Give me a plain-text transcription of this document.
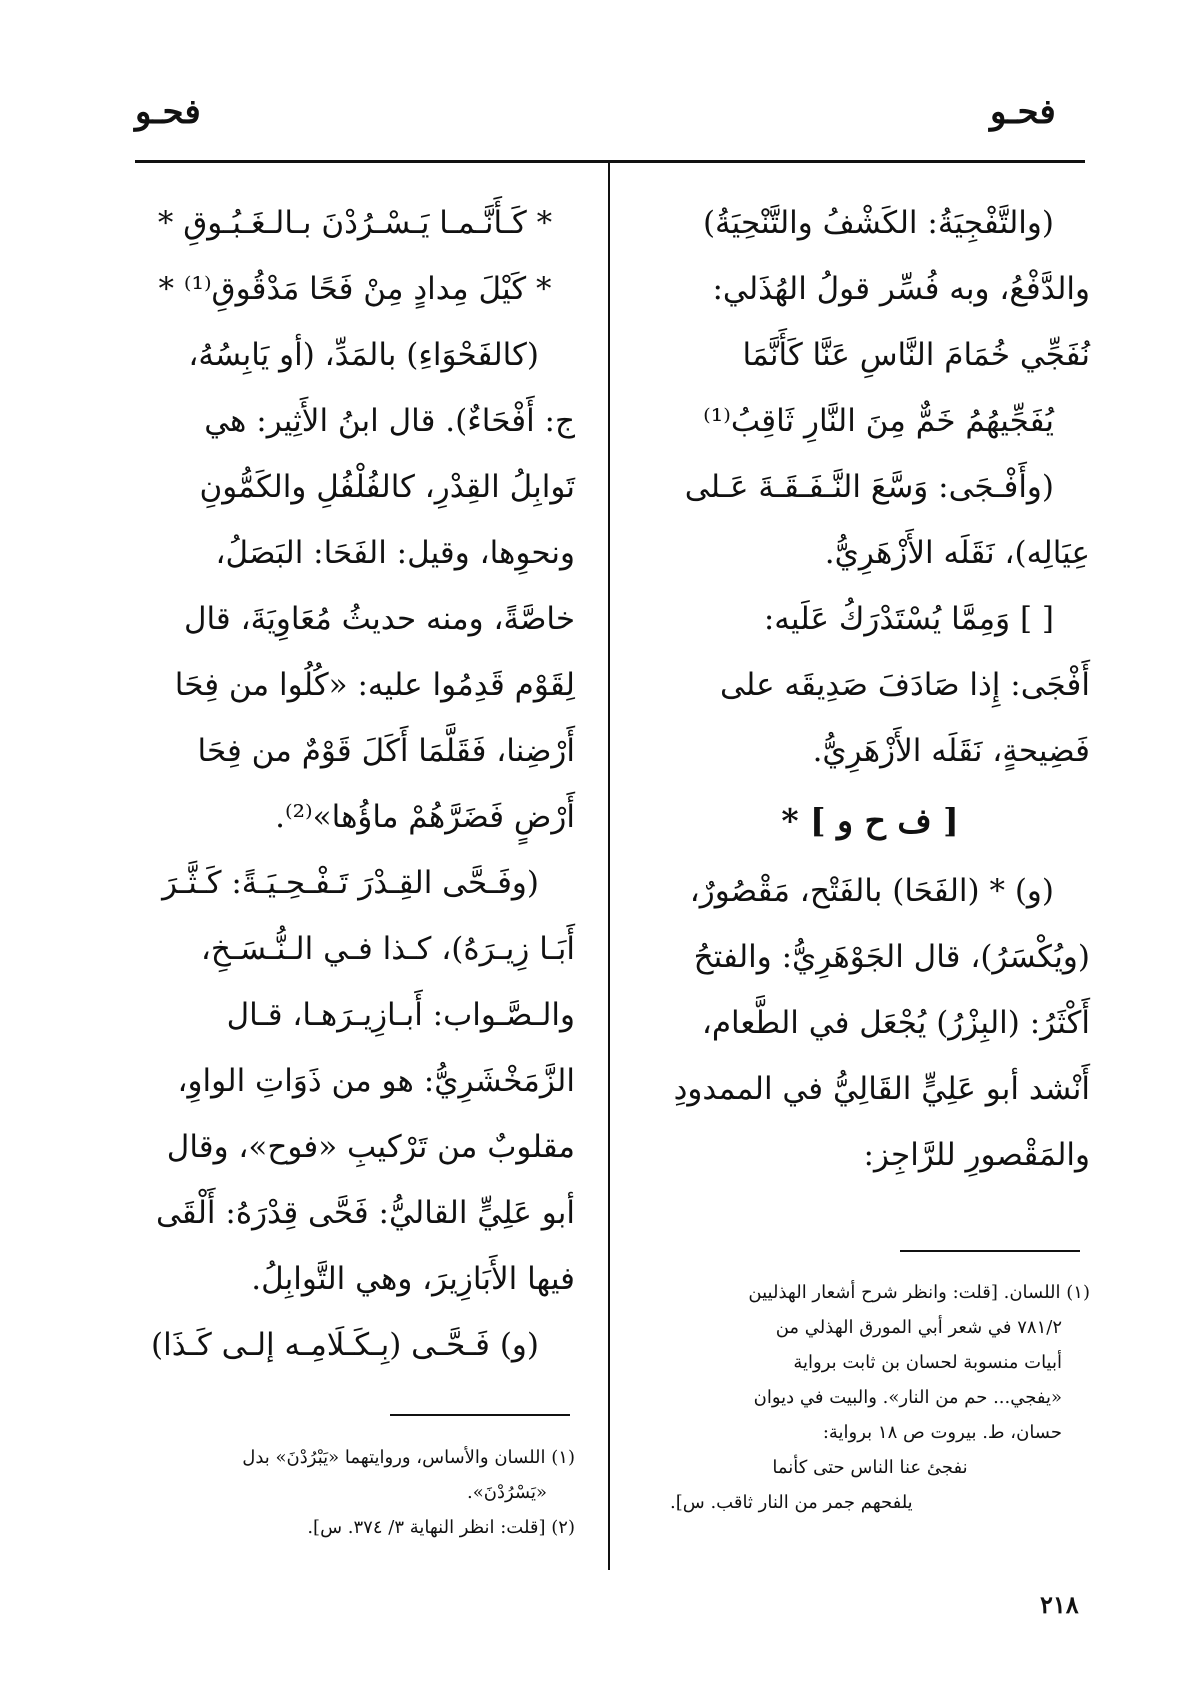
فحـو
فحـو
(والتَّفْجِيَةُ: الكَشْفُ والتَّنْحِيَةُ)
والدَّفْعُ، وبه فُسِّر قولُ الهُذَلي:
نُفَجِّي خُمَامَ النَّاسِ عَنَّا كَأَنَّمَا
يُفَجِّيهُمُ خَمٌّ مِنَ النَّارِ ثَاقِبُ⁽¹⁾
(وأَفْـجَى: وَسَّعَ النَّـفَـقَـةَ عَـلى
عِيَالِه)، نَقَلَه الأَزْهَرِيُّ.
[ ] وَمِمَّا يُسْتَدْرَكُ عَلَيه:
أَفْجَى: إِذا صَادَفَ صَدِيقَه على
فَضِيحةٍ، نَقَلَه الأَزْهَرِيُّ.
[ ف ح و ] *
(و) * (الفَحَا) بالفَتْح، مَقْصُورٌ،
(ويُكْسَرُ)، قال الجَوْهَرِيُّ: والفتحُ
أَكْثَرُ: (البِزْرُ) يُجْعَل في الطَّعام،
أَنْشد أبو عَلِيٍّ القَالِيُّ في الممدودِ
والمَقْصورِ للرَّاجِز:
* كَـأَنَّـمـا يَـسْـرُدْنَ بـالـغَـبُـوقِ *
* كَيْلَ مِدادٍ مِنْ فَحًا مَدْقُوقِ⁽¹⁾ *
(كالفَحْوَاءِ) بالمَدِّ، (أو يَابِسُهُ،
ج: أَفْحَاءٌ). قال ابنُ الأَثِير: هي
تَوابِلُ القِدْرِ، كالفُلْفُلِ والكَمُّونِ
ونحوِها، وقيل: الفَحَا: البَصَلُ،
خاصَّةً، ومنه حديثُ مُعَاوِيَةَ، قال
لِقَوْم قَدِمُوا عليه: «كُلُوا من فِحَا
أَرْضِنا، فَقَلَّمَا أَكَلَ قَوْمٌ من فِحَا
أَرْضٍ فَضَرَّهُمْ ماؤُها»⁽²⁾.
(وفَـحَّى القِـدْرَ تَـفْـحِـيَـةً: كَـثَّـرَ
أَبَـا زِيـرَهُ)، كـذا فـي الـنُّـسَـخِ،
والـصَّـواب: أَبـازِيـرَهـا، قـال
الزَّمَخْشَرِيُّ: هو من ذَوَاتِ الواوِ،
مقلوبٌ من تَرْكيبِ «فوح»، وقال
أبو عَلِيٍّ القاليُّ: فَحَّى قِدْرَهُ: أَلْقَى
فيها الأَبَازِيرَ، وهي التَّوابِلُ.
(و) فَـحَّـى (بِـكَـلَامِـه إلـى كَـذَا)
(١) اللسان. [قلت: وانظر شرح أشعار الهذليين
٧٨١/٢ في شعر أبي المورق الهذلي من
أبيات منسوبة لحسان بن ثابت برواية
«يفجي... حم من النار». والبيت في ديوان
حسان، ط. بيروت ص ١٨ برواية:
نفجئ عنا الناس حتى كأنما
يلفحهم جمر من النار ثاقب. س].
(١) اللسان والأساس، وروايتهما «يَبْرُدْنَ» بدل
«يَسْرُدْنَ».
(٢) [قلت: انظر النهاية ٣/ ٣٧٤. س].
٢١٨
